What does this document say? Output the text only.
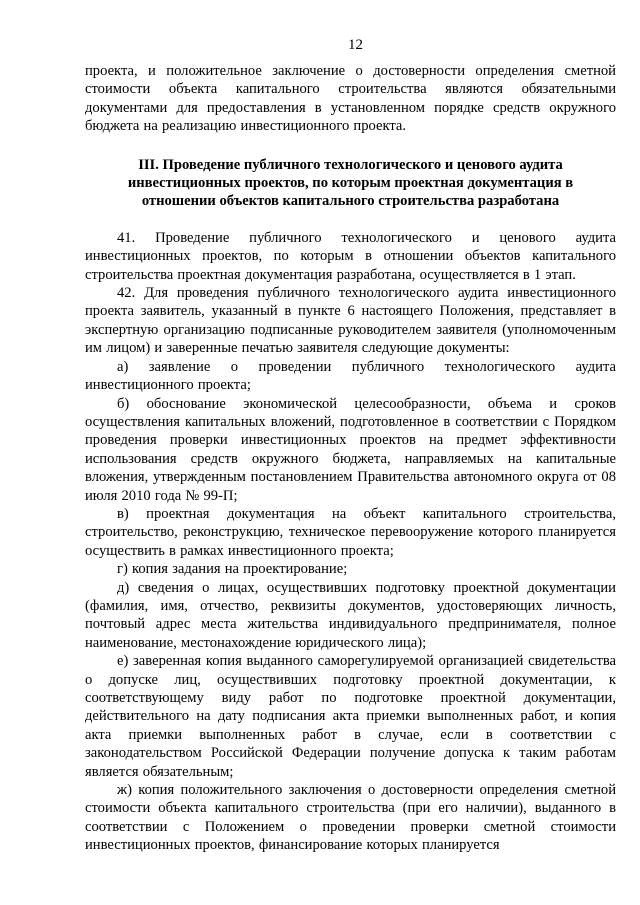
12

проекта, и положительное заключение о достоверности определения сметной стоимости объекта капитального строительства являются обязательными документами для предоставления в установленном порядке средств окружного бюджета на реализацию инвестиционного проекта.

III. Проведение публичного технологического и ценового аудита инвестиционных проектов, по которым проектная документация в отношении объектов капитального строительства разработана

41. Проведение публичного технологического и ценового аудита инвестиционных проектов, по которым в отношении объектов капитального строительства проектная документация разработана, осуществляется в 1 этап.

42. Для проведения публичного технологического аудита инвестиционного проекта заявитель, указанный в пункте 6 настоящего Положения, представляет в экспертную организацию подписанные руководителем заявителя (уполномоченным им лицом) и заверенные печатью заявителя следующие документы:

а) заявление о проведении публичного технологического аудита инвестиционного проекта;

б) обоснование экономической целесообразности, объема и сроков осуществления капитальных вложений, подготовленное в соответствии с Порядком проведения проверки инвестиционных проектов на предмет эффективности использования средств окружного бюджета, направляемых на капитальные вложения, утвержденным постановлением Правительства автономного округа от 08 июля 2010 года № 99-П;

в) проектная документация на объект капитального строительства, строительство, реконструкцию, техническое перевооружение которого планируется осуществить в рамках инвестиционного проекта;

г) копия задания на проектирование;

д) сведения о лицах, осуществивших подготовку проектной документации (фамилия, имя, отчество, реквизиты документов, удостоверяющих личность, почтовый адрес места жительства индивидуального предпринимателя, полное наименование, местонахождение юридического лица);

е) заверенная копия выданного саморегулируемой организацией свидетельства о допуске лиц, осуществивших подготовку проектной документации, к соответствующему виду работ по подготовке проектной документации, действительного на дату подписания акта приемки выполненных работ, и копия акта приемки выполненных работ в случае, если в соответствии с законодательством Российской Федерации получение допуска к таким работам является обязательным;

ж) копия положительного заключения о достоверности определения сметной стоимости объекта капитального строительства (при его наличии), выданного в соответствии с Положением о проведении проверки сметной стоимости инвестиционных проектов, финансирование которых планируется
